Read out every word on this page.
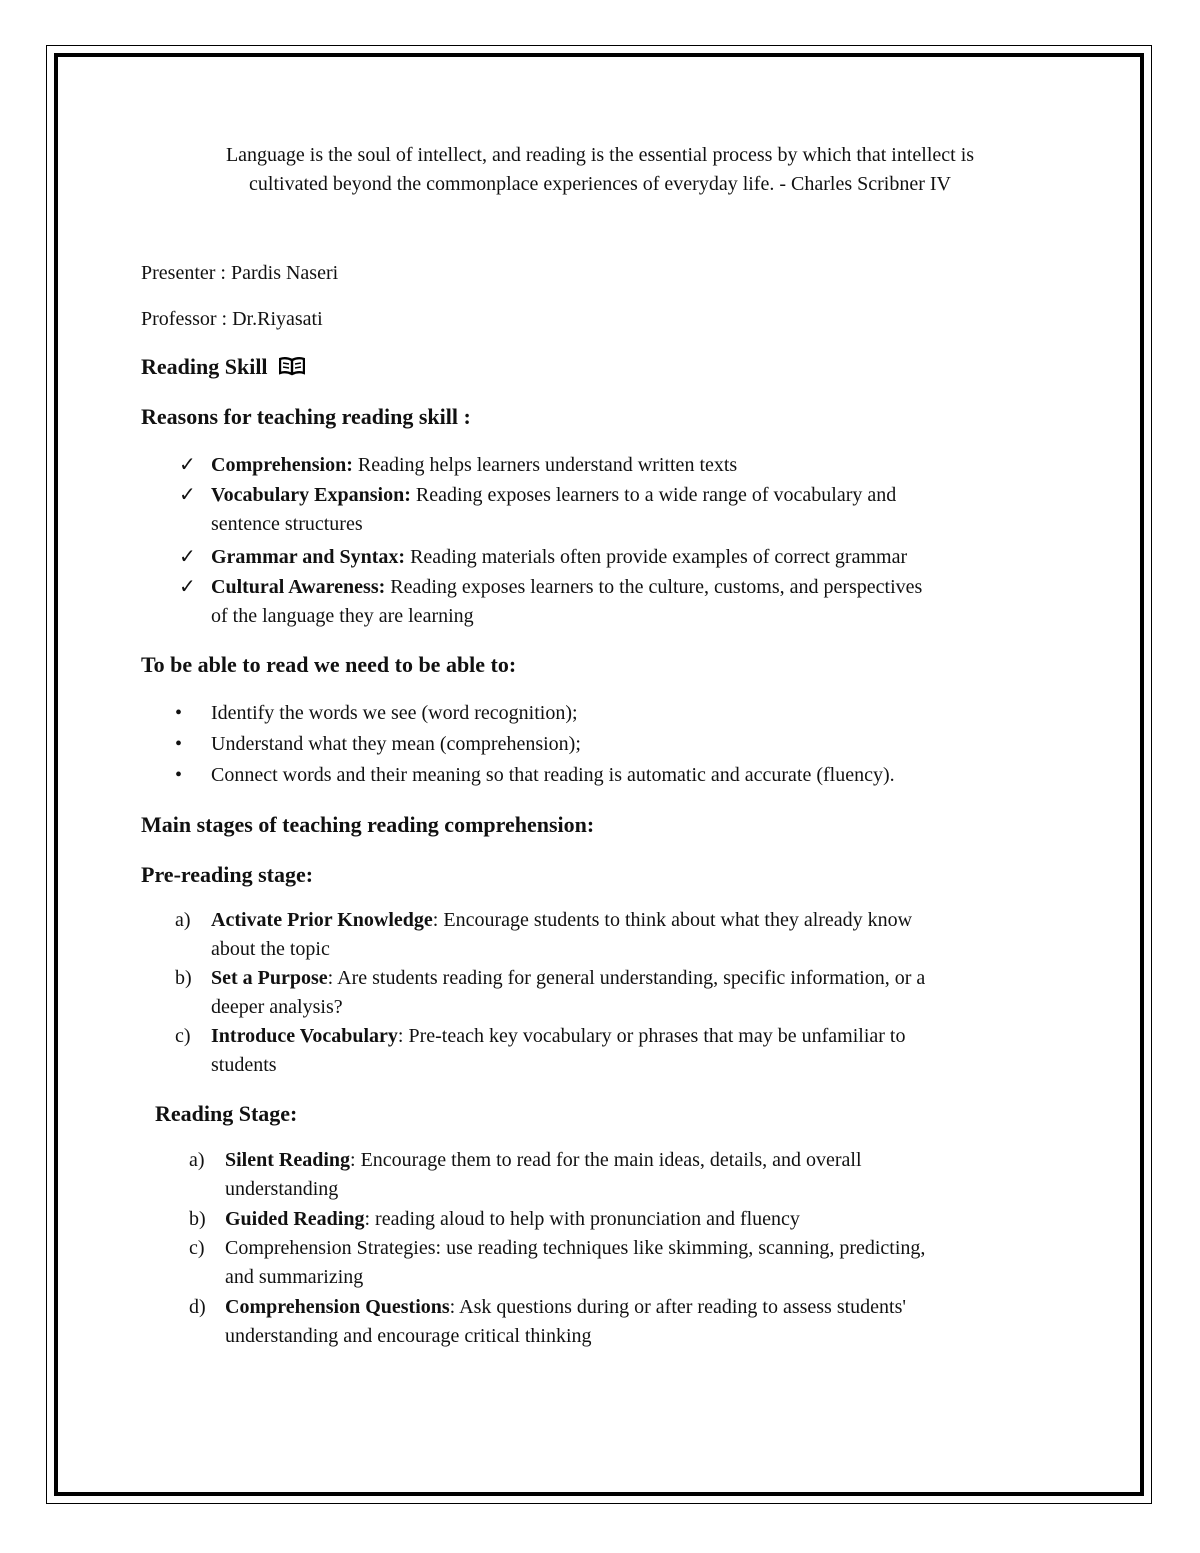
Language is the soul of intellect, and reading is the essential process by which that intellect is

cultivated beyond the commonplace experiences of everyday life. - Charles Scribner IV

Presenter : Pardis Naseri

Professor : Dr.Riyasati

Reading Skill
Reasons for teaching reading skill :
✓ Comprehension: Reading helps learners understand written texts
✓ Vocabulary Expansion: Reading exposes learners to a wide range of vocabulary and
sentence structures
✓ Grammar and Syntax: Reading materials often provide examples of correct grammar
✓ Cultural Awareness: Reading exposes learners to the culture, customs, and perspectives
of the language they are learning
To be able to read we need to be able to:
• Identify the words we see (word recognition);
• Understand what they mean (comprehension);
• Connect words and their meaning so that reading is automatic and accurate (fluency).
Main stages of teaching reading comprehension:
Pre-reading stage:
a) Activate Prior Knowledge: Encourage students to think about what they already know
about the topic
b) Set a Purpose: Are students reading for general understanding, specific information, or a
deeper analysis?
c) Introduce Vocabulary: Pre-teach key vocabulary or phrases that may be unfamiliar to
students
Reading Stage:
a) Silent Reading: Encourage them to read for the main ideas, details, and overall
understanding
b) Guided Reading: reading aloud to help with pronunciation and fluency
c) Comprehension Strategies: use reading techniques like skimming, scanning, predicting,
and summarizing
d) Comprehension Questions: Ask questions during or after reading to assess students'
understanding and encourage critical thinking
